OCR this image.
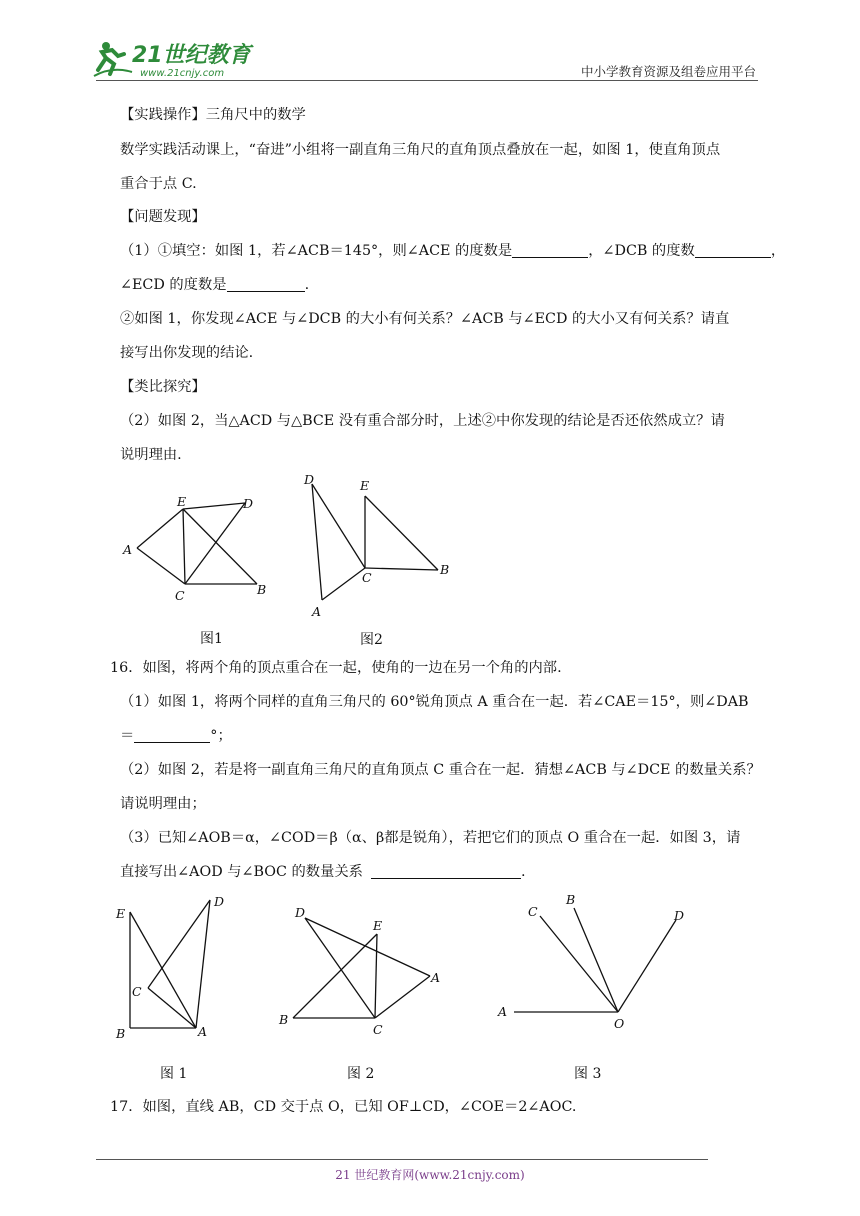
21世纪教育
www.21cnjy.com	中小学教育资源及组卷应用平台
【实践操作】三角尺中的数学
数学实践活动课上，“奋进”小组将一副直角三角尺的直角顶点叠放在一起，如图 1，使直角顶点
重合于点 C.
【问题发现】
（1）①填空：如图 1，若∠ACB＝145°，则∠ACE 的度数是	，∠DCB 的度数	，
∠ECD 的度数是	.
②如图 1，你发现∠ACE 与∠DCB 的大小有何关系？∠ACB 与∠ECD 的大小又有何关系？请直
接写出你发现的结论.
【类比探究】
（2）如图 2，当△ACD 与△BCE 没有重合部分时，上述②中你发现的结论是否还依然成立？请
说明理由.
A
E	D
C	B
图1
D	E
C
B
A
图2
16．如图，将两个角的顶点重合在一起，使角的一边在另一个角的内部.
（1）如图 1，将两个同样的直角三角尺的 60°锐角顶点 A 重合在一起．若∠CAE＝15°，则∠DAB
＝	°；
（2）如图 2，若是将一副直角三角尺的直角顶点 C 重合在一起．猜想∠ACB 与∠DCE 的数量关系？
请说明理由；
（3）已知∠AOB＝α，∠COD＝β（α、β都是锐角），若把它们的顶点 O 重合在一起．如图 3，请
直接写出∠AOD 与∠BOC 的数量关系	.
E
D
C
B	A
图 1
D
E
A
B
C
图 2
A
C
B
D
O
图 3
17．如图，直线 AB，CD 交于点 O，已知 OF⊥CD，∠COE＝2∠AOC.
21 世纪教育网(www.21cnjy.com)
